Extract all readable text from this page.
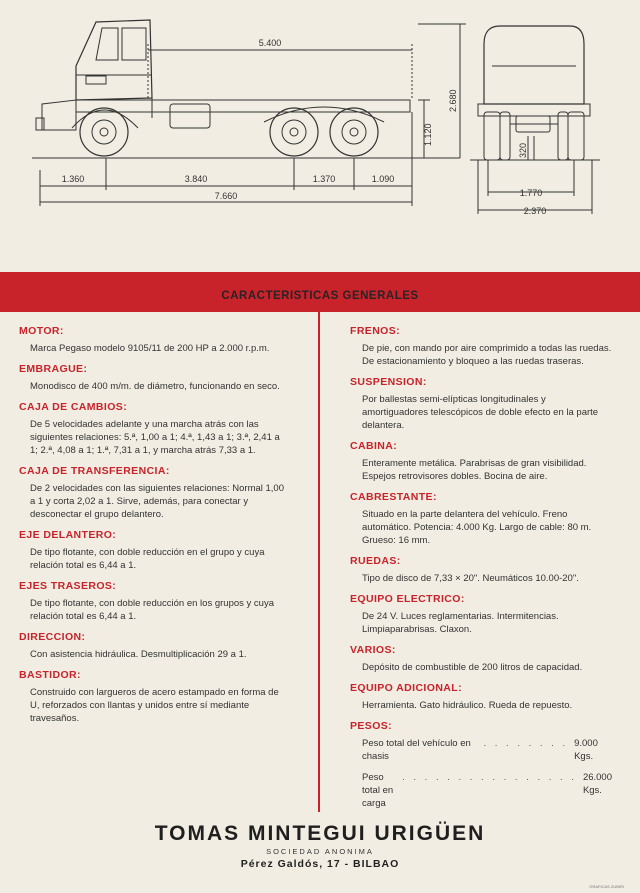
5.400
1.360	3.840	1.370	1.090
7.660
1.120
2.680
320
1.770
2.370
CARACTERISTICAS GENERALES
MOTOR:
Marca Pegaso modelo 9105/11 de 200 HP a 2.000 r.p.m.
EMBRAGUE:
Monodisco de 400 m/m. de diámetro, funcionando en seco.
CAJA DE CAMBIOS:
De 5 velocidades adelante y una marcha atrás con las siguientes relaciones: 5.ª, 1,00 a 1; 4.ª, 1,43 a 1; 3.ª, 2,41 a 1; 2.ª, 4,08 a 1; 1.ª, 7,31 a 1, y marcha atrás 7,33 a 1.
CAJA DE TRANSFERENCIA:
De 2 velocidades con las siguientes relaciones: Normal 1,00 a 1 y corta 2,02 a 1. Sirve, además, para conectar y desconectar el grupo delantero.
EJE DELANTERO:
De tipo flotante, con doble reducción en el grupo y cuya relación total es 6,44 a 1.
EJES TRASEROS:
De tipo flotante, con doble reducción en los grupos y cuya relación total es 6,44 a 1.
DIRECCION:
Con asistencia hidráulica. Desmultiplicación 29 a 1.
BASTIDOR:
Construido con largueros de acero estampado en forma de U, reforzados con llantas y unidos entre sí mediante travesaños.
FRENOS:

De pie, con mando por aire comprimido a todas las ruedas.

De estacionamiento y bloqueo a las ruedas traseras.

SUSPENSION:

Por ballestas semi-elípticas longitudinales y amortiguadores telescópicos de doble efecto en la parte delantera.

CABINA:

Enteramente metálica. Parabrisas de gran visibilidad. Espejos retrovisores dobles. Bocina de aire.

CABRESTANTE:

Situado en la parte delantera del vehículo. Freno automático. Potencia: 4.000 Kg. Largo de cable: 80 m. Grueso: 16 mm.

RUEDAS:

Tipo de disco de 7,33 × 20". Neumáticos 10.00-20".

EQUIPO ELECTRICO:

De 24 V. Luces reglamentarias. Intermitencias. Limpiaparabrisas. Claxon.

VARIOS:

Depósito de combustible de 200 litros de capacidad.

EQUIPO ADICIONAL:

Herramienta. Gato hidráulico. Rueda de repuesto.

PESOS:
Peso total del vehículo en chasis
. . . . . . . . 9.000 Kgs.
Peso total en carga
. . . . . . . . . . . . . . . . 26.000 Kgs.
TOMAS MINTEGUI URIGÜEN
SOCIEDAD ANONIMA
Pérez Galdós, 17 - BILBAO
GRAFICAS ZUBIRI
